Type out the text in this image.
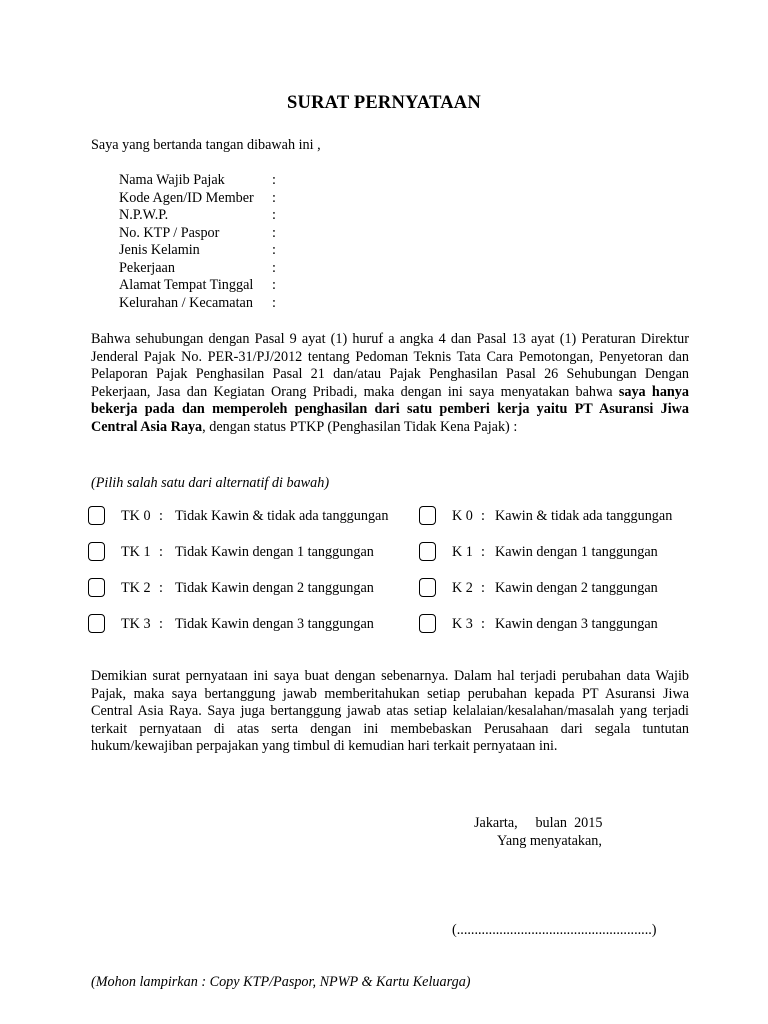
SURAT PERNYATAAN
Saya yang bertanda tangan dibawah ini ,
Nama Wajib Pajak	:
Kode Agen/ID Member	:
N.P.W.P.	:
No. KTP / Paspor	:
Jenis Kelamin	:
Pekerjaan	:
Alamat Tempat Tinggal	:
Kelurahan / Kecamatan	:
Bahwa sehubungan dengan Pasal 9 ayat (1) huruf a angka 4 dan Pasal 13 ayat (1) Peraturan Direktur Jenderal Pajak No. PER-31/PJ/2012 tentang Pedoman Teknis Tata Cara Pemotongan, Penyetoran dan Pelaporan Pajak Penghasilan Pasal 21 dan/atau Pajak Penghasilan Pasal 26 Sehubungan Dengan Pekerjaan, Jasa dan Kegiatan Orang Pribadi, maka dengan ini saya menyatakan bahwa saya hanya bekerja pada dan memperoleh penghasilan dari satu pemberi kerja yaitu PT Asuransi Jiwa Central Asia Raya, dengan status PTKP (Penghasilan Tidak Kena Pajak) :
(Pilih salah satu dari alternatif di bawah)
TK 0 : Tidak Kawin & tidak ada tanggungan
TK 1 : Tidak Kawin dengan 1 tanggungan
TK 2 : Tidak Kawin dengan 2 tanggungan
TK 3 : Tidak Kawin dengan 3 tanggungan
K 0 : Kawin & tidak ada tanggungan
K 1 : Kawin dengan 1 tanggungan
K 2 : Kawin dengan 2 tanggungan
K 3 : Kawin dengan 3 tanggungan
Demikian surat pernyataan ini saya buat dengan sebenarnya. Dalam hal terjadi perubahan data Wajib Pajak, maka saya bertanggung jawab memberitahukan setiap perubahan kepada PT Asuransi Jiwa Central Asia Raya. Saya juga bertanggung jawab atas setiap kelalaian/kesalahan/masalah yang terjadi terkait pernyataan di atas serta dengan ini membebaskan Perusahaan dari segala tuntutan hukum/kewajiban perpajakan yang timbul di kemudian hari terkait pernyataan ini.
Jakarta,     bulan  2015
Yang menyatakan,
(.......................................................)
(Mohon lampirkan : Copy KTP/Paspor, NPWP & Kartu Keluarga)
